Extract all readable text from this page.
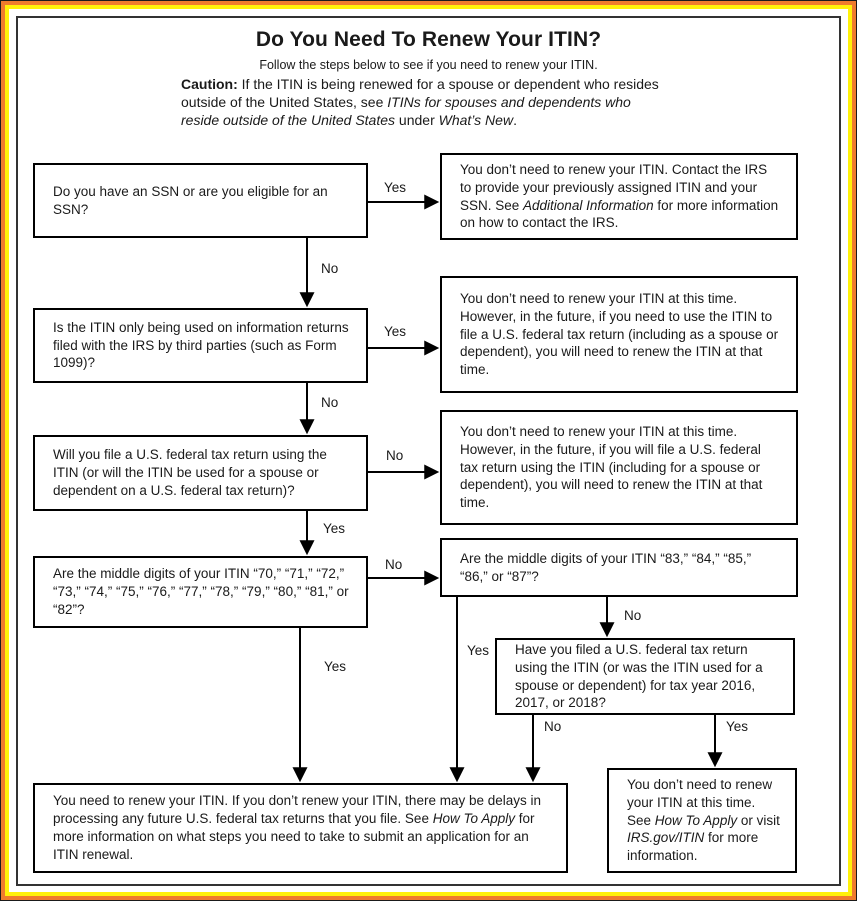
Do You Need To Renew Your ITIN?
Follow the steps below to see if you need to renew your ITIN.
Caution: If the ITIN is being renewed for a spouse or dependent who resides outside of the United States, see ITINs for spouses and dependents who reside outside of the United States under What’s New.
Do you have an SSN or are you eligible for an SSN?
Is the ITIN only being used on information returns filed with the IRS by third parties (such as Form 1099)?
Will you file a U.S. federal tax return using the ITIN (or will the ITIN be used for a spouse or dependent on a U.S. federal tax return)?
Are the middle digits of your ITIN “70,” “71,” “72,” “73,” “74,” “75,” “76,” “77,” “78,” “79,” “80,” “81,” or “82”?
You don’t need to renew your ITIN. Contact the IRS to provide your previously assigned ITIN and your SSN. See Additional Information for more information on how to contact the IRS.
You don’t need to renew your ITIN at this time. However, in the future, if you need to use the ITIN to file a U.S. federal tax return (including as a spouse or dependent), you will need to renew the ITIN at that time.
You don’t need to renew your ITIN at this time. However, in the future, if you will file a U.S. federal tax return using the ITIN (including for a spouse or dependent), you will need to renew the ITIN at that time.
Are the middle digits of your ITIN “83,” “84,” “85,” “86,” or “87”?
Have you filed a U.S. federal tax return using the ITIN (or was the ITIN used for a spouse or dependent) for tax year 2016, 2017, or 2018?
You need to renew your ITIN. If you don’t renew your ITIN, there may be delays in processing any future U.S. federal tax returns that you file. See How To Apply for more information on what steps you need to take to submit an application for an ITIN renewal.
You don’t need to renew your ITIN at this time. See How To Apply or visit IRS.gov/ITIN for more information.
Yes
No
Yes
No
No
Yes
No
Yes
No
Yes
No	Yes
